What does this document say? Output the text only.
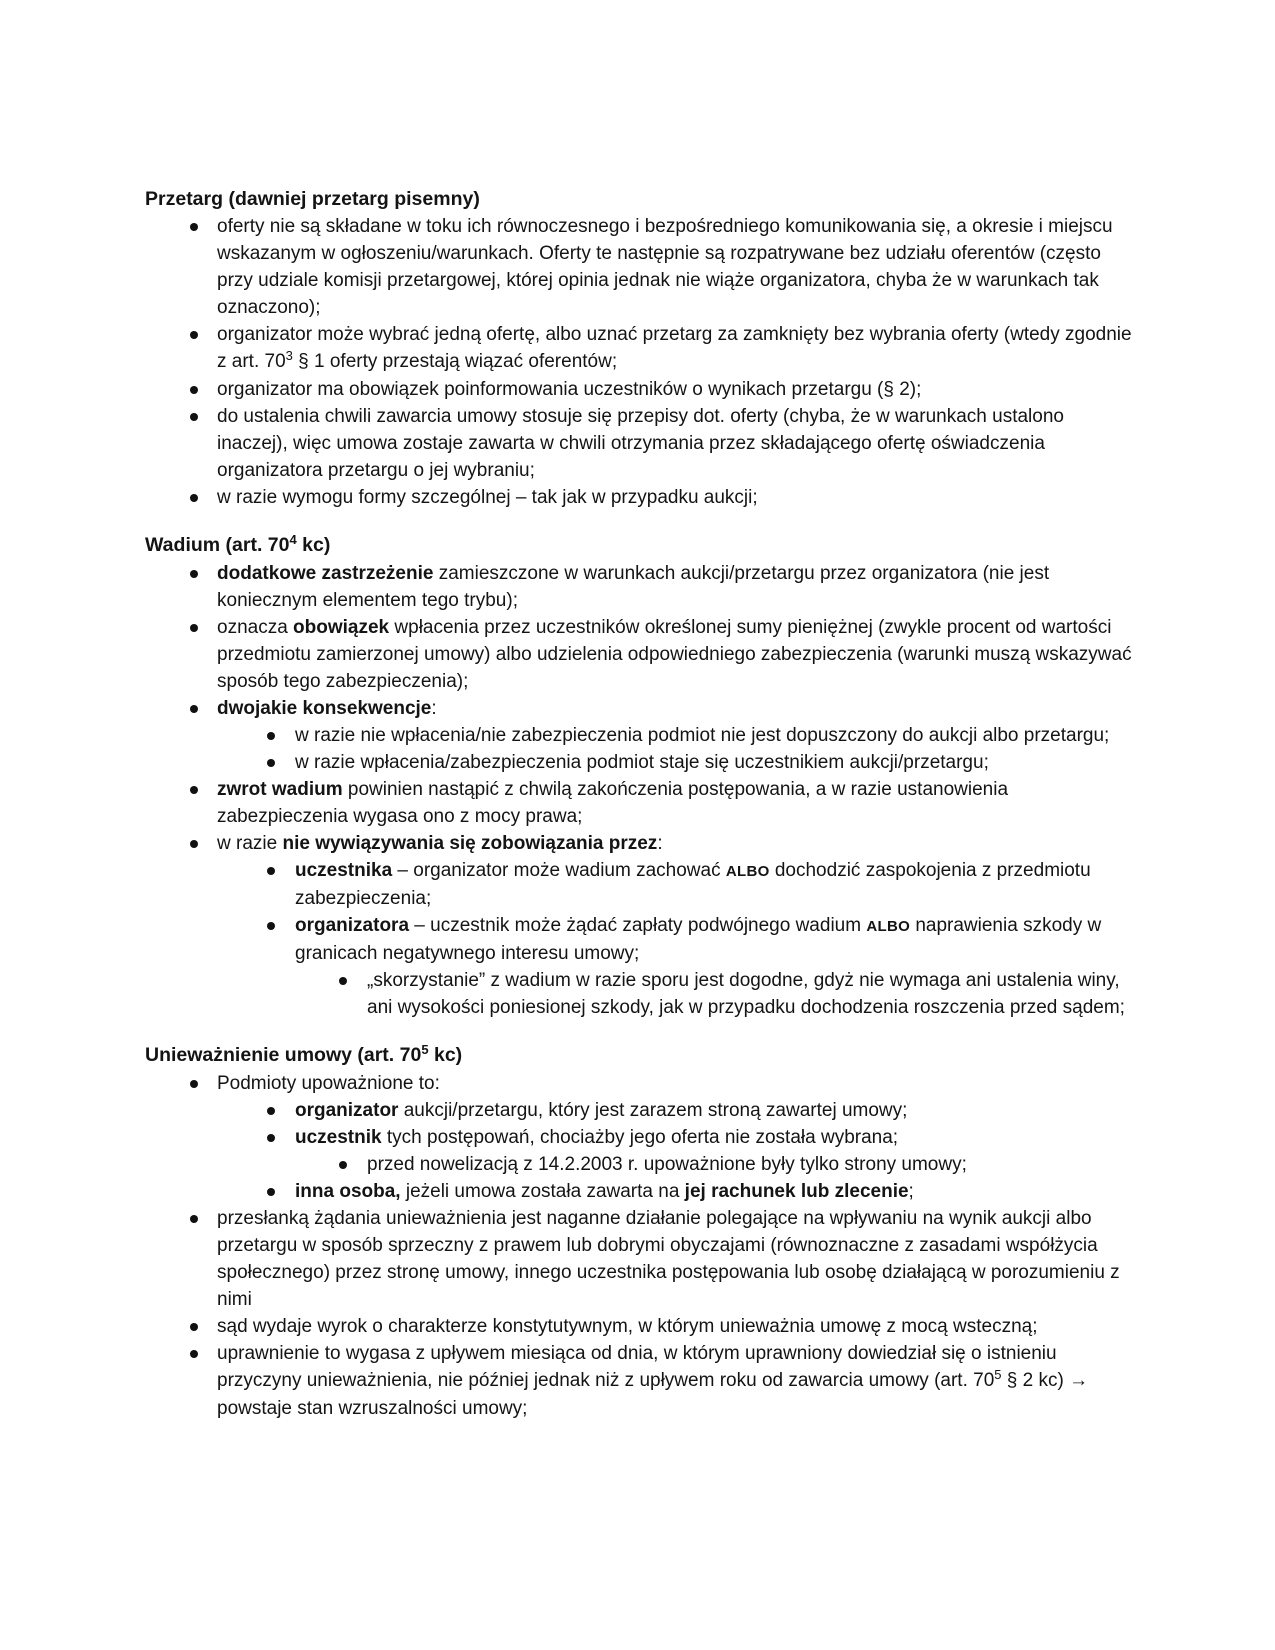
Przetarg (dawniej przetarg pisemny)
oferty nie są składane w toku ich równoczesnego i bezpośredniego komunikowania się, a okresie i miejscu wskazanym w ogłoszeniu/warunkach. Oferty te następnie są rozpatrywane bez udziału oferentów (często przy udziale komisji przetargowej, której opinia jednak nie wiąże organizatora, chyba że w warunkach tak oznaczono);
organizator może wybrać jedną ofertę, albo uznać przetarg za zamknięty bez wybrania oferty (wtedy zgodnie z art. $70^3$ § 1 oferty przestają wiązać oferentów;
organizator ma obowiązek poinformowania uczestników o wynikach przetargu (§ 2);
do ustalenia chwili zawarcia umowy stosuje się przepisy dot. oferty (chyba, że w warunkach ustalono inaczej), więc umowa zostaje zawarta w chwili otrzymania przez składającego ofertę oświadczenia organizatora przetargu o jej wybraniu;
w razie wymogu formy szczególnej – tak jak w przypadku aukcji;
Wadium (art. $70^4$ kc)
dodatkowe zastrzeżenie zamieszczone w warunkach aukcji/przetargu przez organizatora (nie jest koniecznym elementem tego trybu);
oznacza obowiązek wpłacenia przez uczestników określonej sumy pieniężnej (zwykle procent od wartości przedmiotu zamierzonej umowy) albo udzielenia odpowiedniego zabezpieczenia (warunki muszą wskazywać sposób tego zabezpieczenia);
dwojakie konsekwencje:
w razie nie wpłacenia/nie zabezpieczenia podmiot nie jest dopuszczony do aukcji albo przetargu;
w razie wpłacenia/zabezpieczenia podmiot staje się uczestnikiem aukcji/przetargu;
zwrot wadium powinien nastąpić z chwilą zakończenia postępowania, a w razie ustanowienia zabezpieczenia wygasa ono z mocy prawa;
w razie nie wywiązywania się zobowiązania przez:
uczestnika – organizator może wadium zachować ALBO dochodzić zaspokojenia z przedmiotu zabezpieczenia;
organizatora – uczestnik może żądać zapłaty podwójnego wadium ALBO naprawienia szkody w granicach negatywnego interesu umowy;
„skorzystanie” z wadium w razie sporu jest dogodne, gdyż nie wymaga ani ustalenia winy, ani wysokości poniesionej szkody, jak w przypadku dochodzenia roszczenia przed sądem;
Unieważnienie umowy (art. $70^5$ kc)
Podmioty upoważnione to:
organizator aukcji/przetargu, który jest zarazem stroną zawartej umowy;
uczestnik tych postępowań, chociażby jego oferta nie została wybrana;
przed nowelizacją z 14.2.2003 r. upoważnione były tylko strony umowy;
inna osoba, jeżeli umowa została zawarta na jej rachunek lub zlecenie;
przesłanką żądania unieważnienia jest naganne działanie polegające na wpływaniu na wynik aukcji albo przetargu w sposób sprzeczny z prawem lub dobrymi obyczajami (równoznaczne z zasadami współżycia społecznego) przez stronę umowy, innego uczestnika postępowania lub osobę działającą w porozumieniu z nimi
sąd wydaje wyrok o charakterze konstytutywnym, w którym unieważnia umowę z mocą wsteczną;
uprawnienie to wygasa z upływem miesiąca od dnia, w którym uprawniony dowiedział się o istnieniu przyczyny unieważnienia, nie później jednak niż z upływem roku od zawarcia umowy (art. $70^5$ § 2 kc) → powstaje stan wzruszalności umowy;
